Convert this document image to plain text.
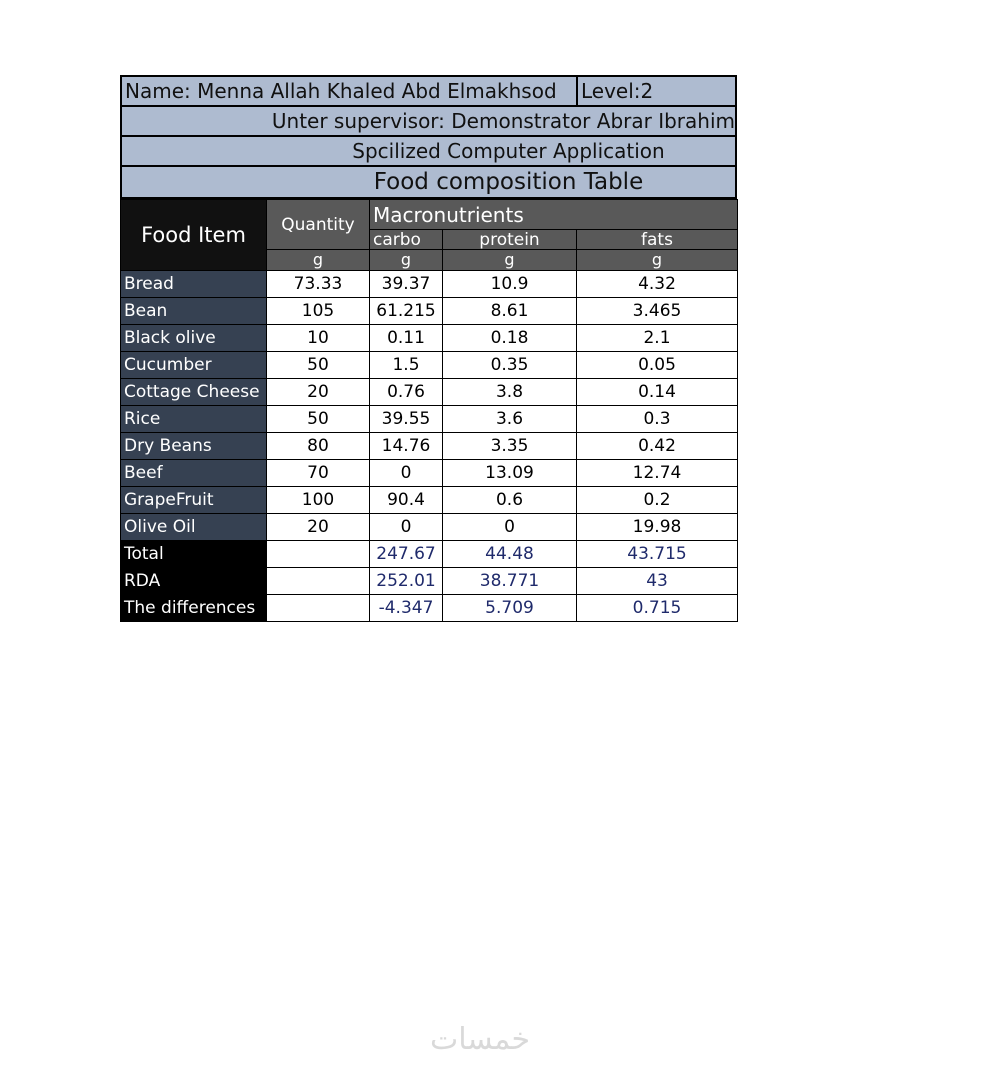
Name: Menna Allah Khaled Abd Elmakhsod	Level:2
Unter supervisor: Demonstrator Abrar Ibrahim
Spcilized Computer Application
Food composition Table
Food Item	Quantity	Macronutrients		
		carbo	protein	fats
	g	g	g	g
Bread	73.33	39.37	10.9	4.32
Bean	105	61.215	8.61	3.465
Black olive	10	0.11	0.18	2.1
Cucumber	50	1.5	0.35	0.05
Cottage Cheese	20	0.76	3.8	0.14
Rice	50	39.55	3.6	0.3
Dry Beans	80	14.76	3.35	0.42
Beef	70	0	13.09	12.74
GrapeFruit	100	90.4	0.6	0.2
Olive Oil	20	0	0	19.98
Total		247.67	44.48	43.715
RDA		252.01	38.771	43
The differences		-4.347	5.709	0.715
خمسات
